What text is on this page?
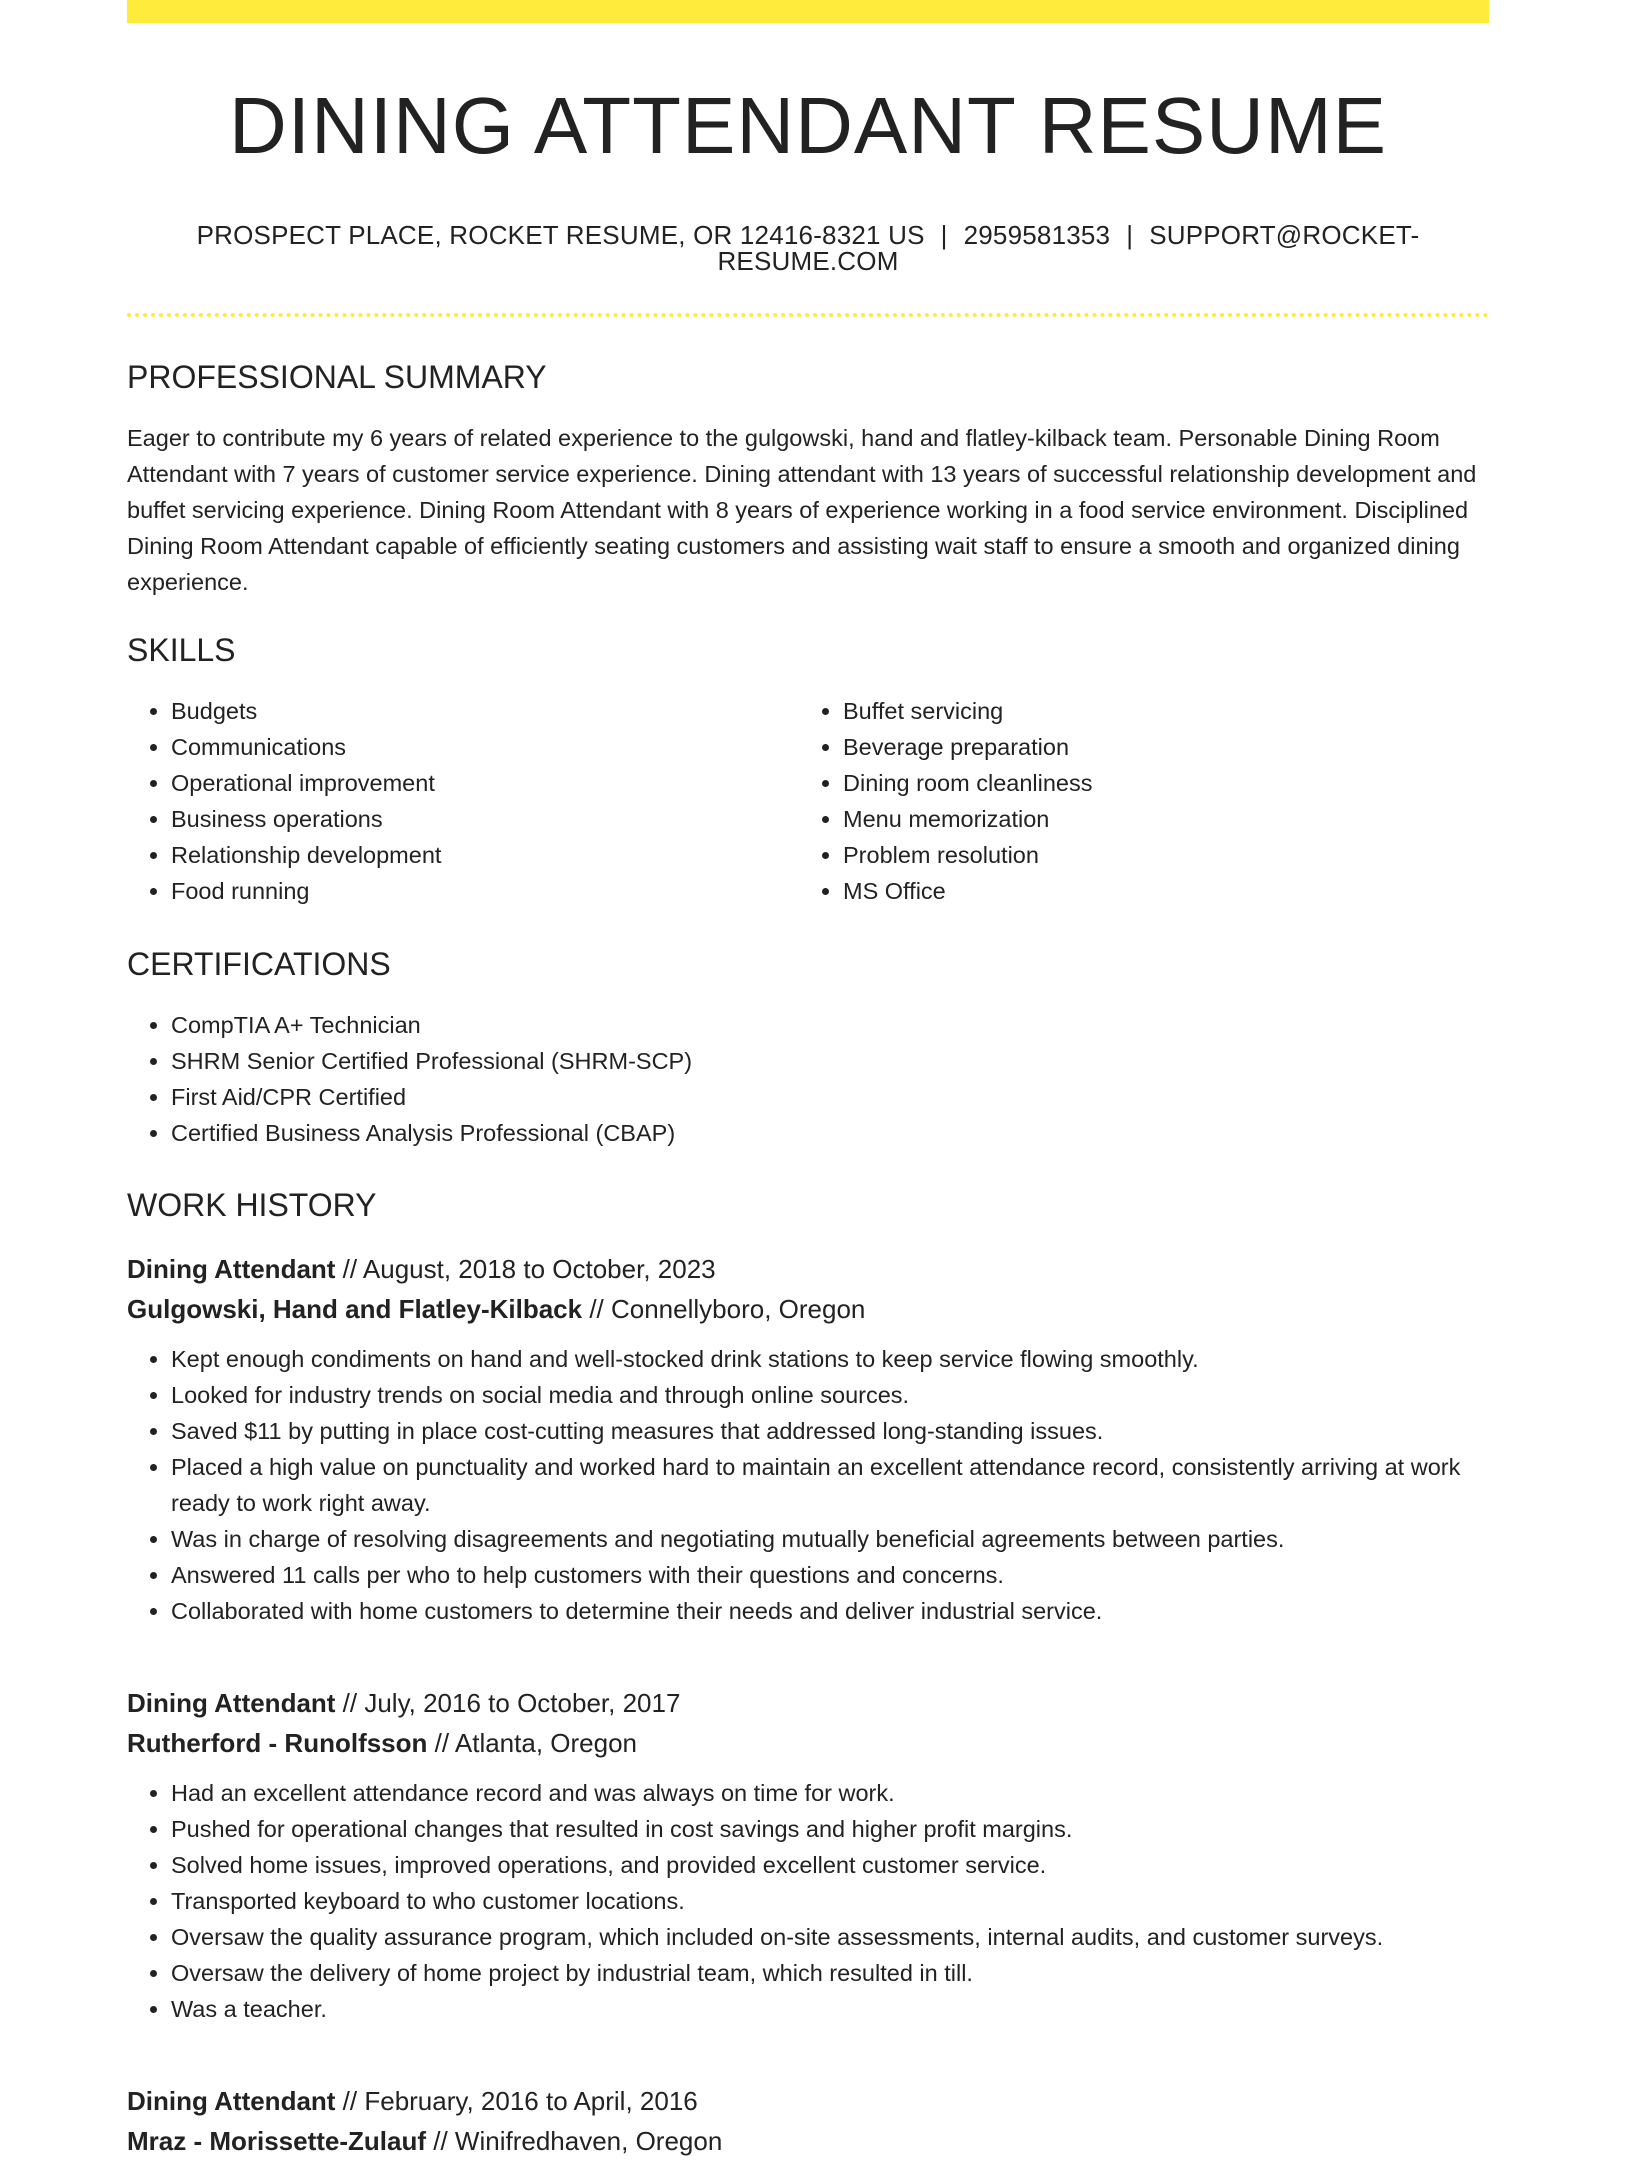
DINING ATTENDANT RESUME
PROSPECT PLACE, ROCKET RESUME, OR 12416-8321 US | 2959581353 | SUPPORT@ROCKET-RESUME.COM
PROFESSIONAL SUMMARY
Eager to contribute my 6 years of related experience to the gulgowski, hand and flatley-kilback team. Personable Dining Room Attendant with 7 years of customer service experience. Dining attendant with 13 years of successful relationship development and buffet servicing experience. Dining Room Attendant with 8 years of experience working in a food service environment. Disciplined Dining Room Attendant capable of efficiently seating customers and assisting wait staff to ensure a smooth and organized dining experience.
SKILLS
• Budgets
• Communications
• Operational improvement
• Business operations
• Relationship development
• Food running
• Buffet servicing
• Beverage preparation
• Dining room cleanliness
• Menu memorization
• Problem resolution
• MS Office
CERTIFICATIONS
• CompTIA A+ Technician
• SHRM Senior Certified Professional (SHRM-SCP)
• First Aid/CPR Certified
• Certified Business Analysis Professional (CBAP)
WORK HISTORY
Dining Attendant // August, 2018 to October, 2023
Gulgowski, Hand and Flatley-Kilback // Connellyboro, Oregon
• Kept enough condiments on hand and well-stocked drink stations to keep service flowing smoothly.
• Looked for industry trends on social media and through online sources.
• Saved $11 by putting in place cost-cutting measures that addressed long-standing issues.
• Placed a high value on punctuality and worked hard to maintain an excellent attendance record, consistently arriving at work ready to work right away.
• Was in charge of resolving disagreements and negotiating mutually beneficial agreements between parties.
• Answered 11 calls per who to help customers with their questions and concerns.
• Collaborated with home customers to determine their needs and deliver industrial service.
Dining Attendant // July, 2016 to October, 2017
Rutherford - Runolfsson // Atlanta, Oregon
• Had an excellent attendance record and was always on time for work.
• Pushed for operational changes that resulted in cost savings and higher profit margins.
• Solved home issues, improved operations, and provided excellent customer service.
• Transported keyboard to who customer locations.
• Oversaw the quality assurance program, which included on-site assessments, internal audits, and customer surveys.
• Oversaw the delivery of home project by industrial team, which resulted in till.
• Was a teacher.
Dining Attendant // February, 2016 to April, 2016
Mraz - Morissette-Zulauf // Winifredhaven, Oregon
